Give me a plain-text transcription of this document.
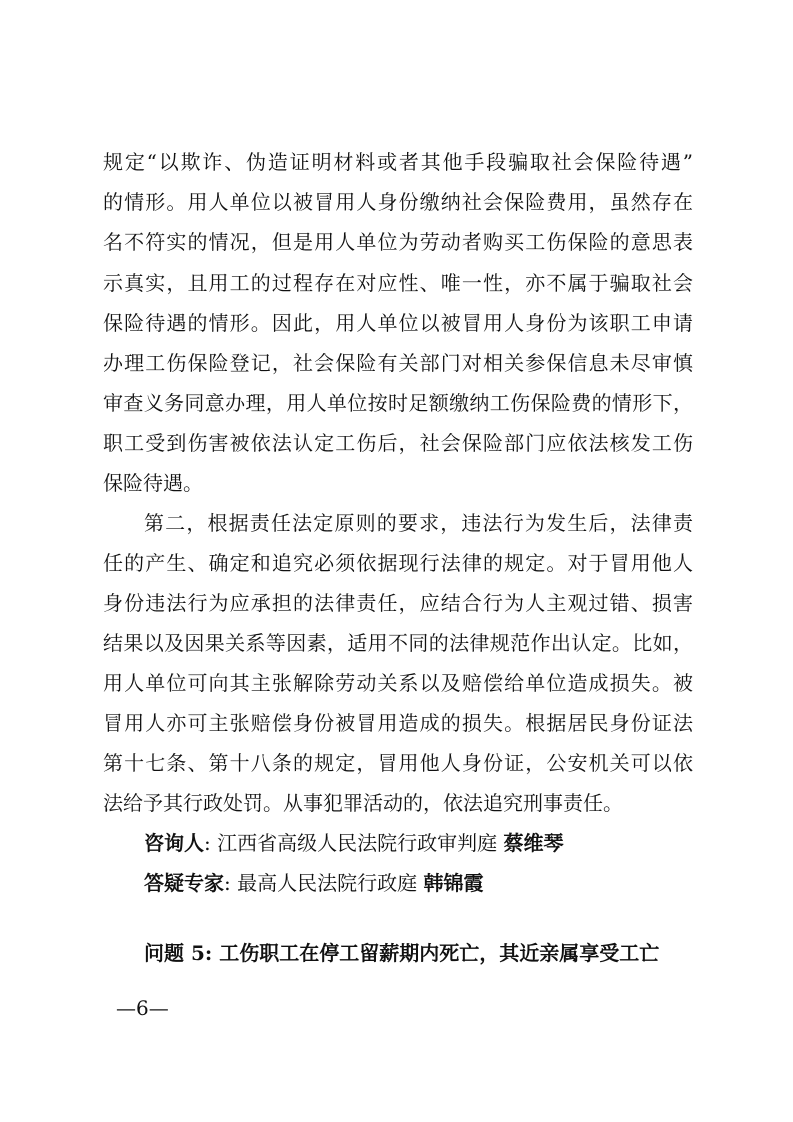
规定“以欺诈、伪造证明材料或者其他手段骗取社会保险待遇”
的情形。用人单位以被冒用人身份缴纳社会保险费用，虽然存在
名不符实的情况，但是用人单位为劳动者购买工伤保险的意思表
示真实，且用工的过程存在对应性、唯一性，亦不属于骗取社会
保险待遇的情形。因此，用人单位以被冒用人身份为该职工申请
办理工伤保险登记，社会保险有关部门对相关参保信息未尽审慎
审查义务同意办理，用人单位按时足额缴纳工伤保险费的情形下，
职工受到伤害被依法认定工伤后，社会保险部门应依法核发工伤
保险待遇。
第二，根据责任法定原则的要求，违法行为发生后，法律责
任的产生、确定和追究必须依据现行法律的规定。对于冒用他人
身份违法行为应承担的法律责任，应结合行为人主观过错、损害
结果以及因果关系等因素，适用不同的法律规范作出认定。比如，
用人单位可向其主张解除劳动关系以及赔偿给单位造成损失。被
冒用人亦可主张赔偿身份被冒用造成的损失。根据居民身份证法
第十七条、第十八条的规定，冒用他人身份证，公安机关可以依
法给予其行政处罚。从事犯罪活动的，依法追究刑事责任。
咨询人: 江西省高级人民法院行政审判庭 蔡维琴
答疑专家: 最高人民法院行政庭 韩锦霞
问题 5: 工伤职工在停工留薪期内死亡，其近亲属享受工亡
—6—
